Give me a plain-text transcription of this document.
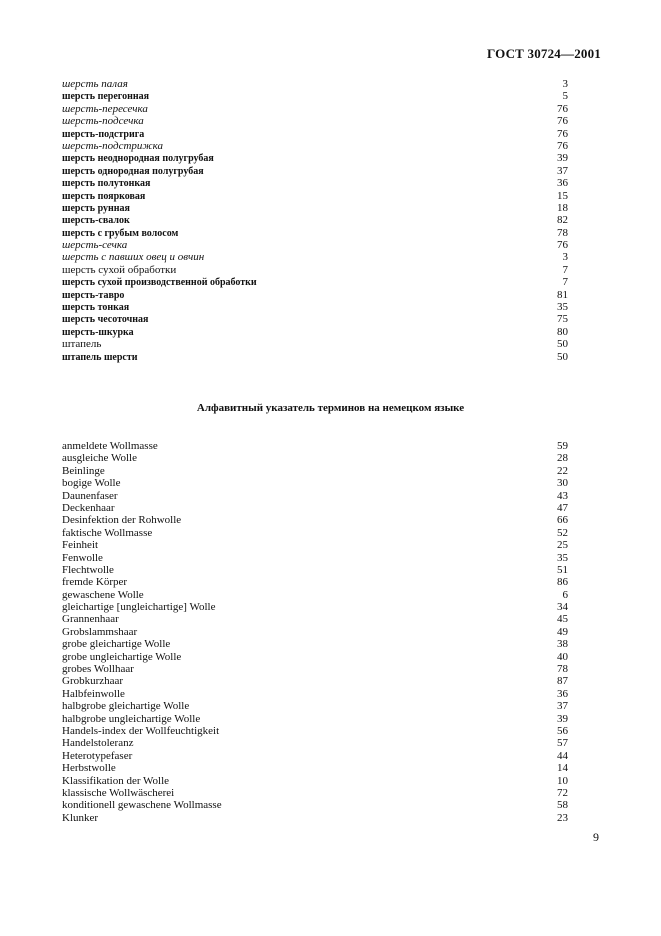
ГОСТ 30724—2001
шерсть палая	3
шерсть перегонная	5
шерсть-пересечка	76
шерсть-подсечка	76
шерсть-подстрига	76
шерсть-подстрижка	76
шерсть неоднородная полугрубая	39
шерсть однородная полугрубая	37
шерсть полутонкая	36
шерсть поярковая	15
шерсть рунная	18
шерсть-свалок	82
шерсть с грубым волосом	78
шерсть-сечка	76
шерсть с павших овец и овчин	3
шерсть сухой обработки	7
шерсть сухой производственной обработки	7
шерсть-тавро	81
шерсть тонкая	35
шерсть чесоточная	75
шерсть-шкурка	80
штапель	50
штапель шерсти	50
Алфавитный указатель терминов на немецком языке
anmeldete Wollmasse	59
ausgleiche Wolle	28
Beinlinge	22
bogige Wolle	30
Daunenfaser	43
Deckenhaar	47
Desinfektion der Rohwolle	66
faktische Wollmasse	52
Feinheit	25
Fenwolle	35
Flechtwolle	51
fremde Körper	86
gewaschene Wolle	6
gleichartige [ungleichartige] Wolle	34
Grannenhaar	45
Grobslammshaar	49
grobe gleichartige Wolle	38
grobe ungleichartige Wolle	40
grobes Wollhaar	78
Grobkurzhaar	87
Halbfeinwolle	36
halbgrobe gleichartige Wolle	37
halbgrobe ungleichartige Wolle	39
Handels-index der Wollfeuchtigkeit	56
Handelstoleranz	57
Heterotypefaser	44
Herbstwolle	14
Klassifikation der Wolle	10
klassische Wollwäscherei	72
konditionell gewaschene Wollmasse	58
Klunker	23
9
